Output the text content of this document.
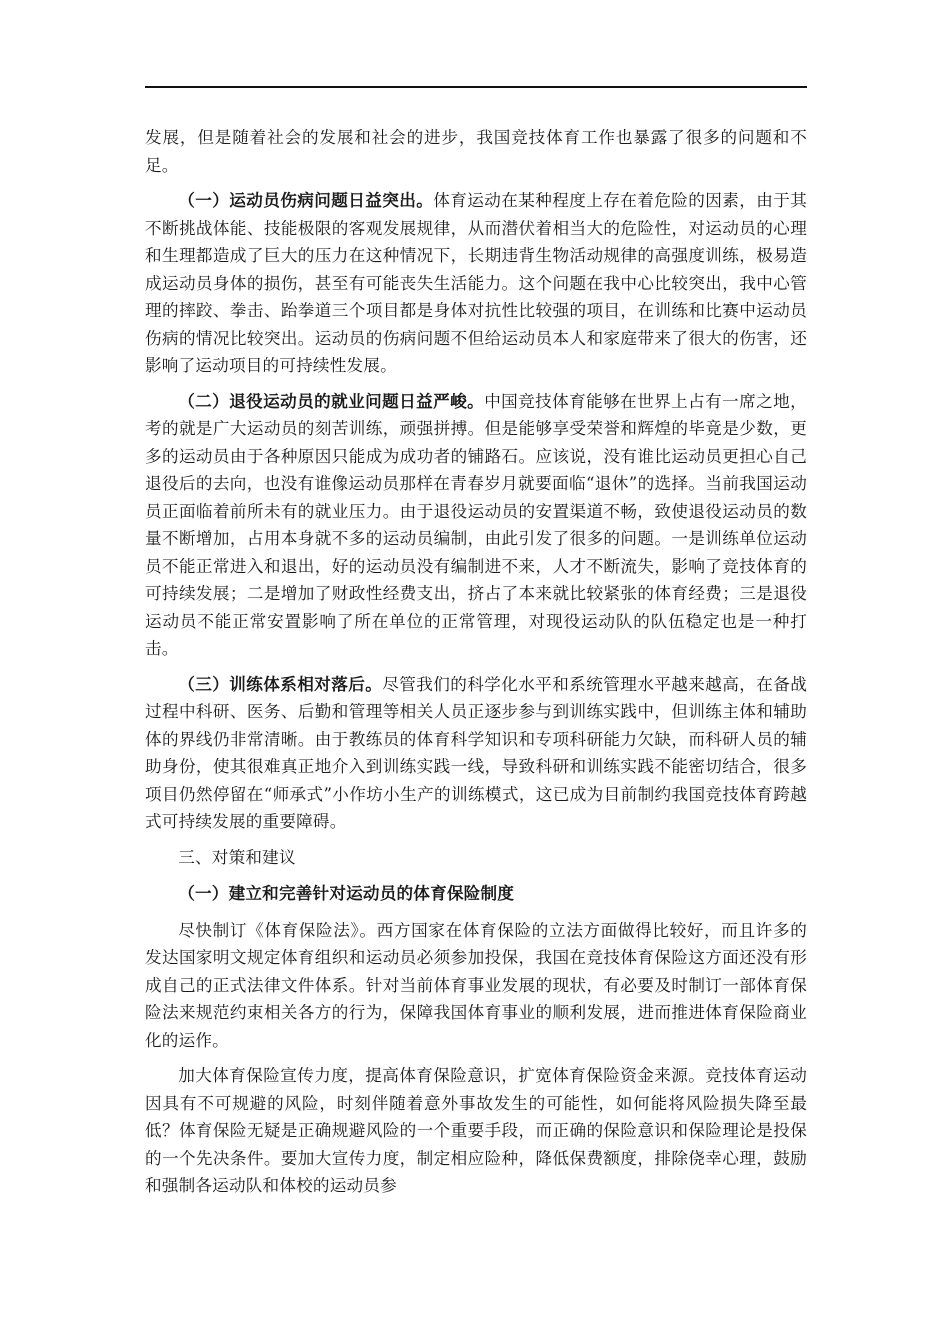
发展，但是随着社会的发展和社会的进步，我国竞技体育工作也暴露了很多的问题和不足。

（一）运动员伤病问题日益突出。体育运动在某种程度上存在着危险的因素，由于其不断挑战体能、技能极限的客观发展规律，从而潜伏着相当大的危险性，对运动员的心理和生理都造成了巨大的压力在这种情况下，长期违背生物活动规律的高强度训练，极易造成运动员身体的损伤，甚至有可能丧失生活能力。这个问题在我中心比较突出，我中心管理的摔跤、拳击、跆拳道三个项目都是身体对抗性比较强的项目，在训练和比赛中运动员伤病的情况比较突出。运动员的伤病问题不但给运动员本人和家庭带来了很大的伤害，还影响了运动项目的可持续性发展。

（二）退役运动员的就业问题日益严峻。中国竞技体育能够在世界上占有一席之地，考的就是广大运动员的刻苦训练，顽强拼搏。但是能够享受荣誉和辉煌的毕竟是少数，更多的运动员由于各种原因只能成为成功者的铺路石。应该说，没有谁比运动员更担心自己退役后的去向，也没有谁像运动员那样在青春岁月就要面临“退休”的选择。当前我国运动员正面临着前所未有的就业压力。由于退役运动员的安置渠道不畅，致使退役运动员的数量不断增加，占用本身就不多的运动员编制，由此引发了很多的问题。一是训练单位运动员不能正常进入和退出，好的运动员没有编制进不来，人才不断流失，影响了竞技体育的可持续发展；二是增加了财政性经费支出，挤占了本来就比较紧张的体育经费；三是退役运动员不能正常安置影响了所在单位的正常管理，对现役运动队的队伍稳定也是一种打击。

（三）训练体系相对落后。尽管我们的科学化水平和系统管理水平越来越高，在备战过程中科研、医务、后勤和管理等相关人员正逐步参与到训练实践中，但训练主体和辅助体的界线仍非常清晰。由于教练员的体育科学知识和专项科研能力欠缺，而科研人员的辅助身份，使其很难真正地介入到训练实践一线，导致科研和训练实践不能密切结合，很多项目仍然停留在“师承式”小作坊小生产的训练模式，这已成为目前制约我国竞技体育跨越式可持续发展的重要障碍。

三、对策和建议

（一）建立和完善针对运动员的体育保险制度

尽快制订《体育保险法》。西方国家在体育保险的立法方面做得比较好，而且许多的发达国家明文规定体育组织和运动员必须参加投保，我国在竞技体育保险这方面还没有形成自己的正式法律文件体系。针对当前体育事业发展的现状，有必要及时制订一部体育保险法来规范约束相关各方的行为，保障我国体育事业的顺利发展，进而推进体育保险商业化的运作。

加大体育保险宣传力度，提高体育保险意识，扩宽体育保险资金来源。竞技体育运动因具有不可规避的风险，时刻伴随着意外事故发生的可能性，如何能将风险损失降至最低？体育保险无疑是正确规避风险的一个重要手段，而正确的保险意识和保险理论是投保的一个先决条件。要加大宣传力度，制定相应险种，降低保费额度，排除侥幸心理，鼓励和强制各运动队和体校的运动员参
